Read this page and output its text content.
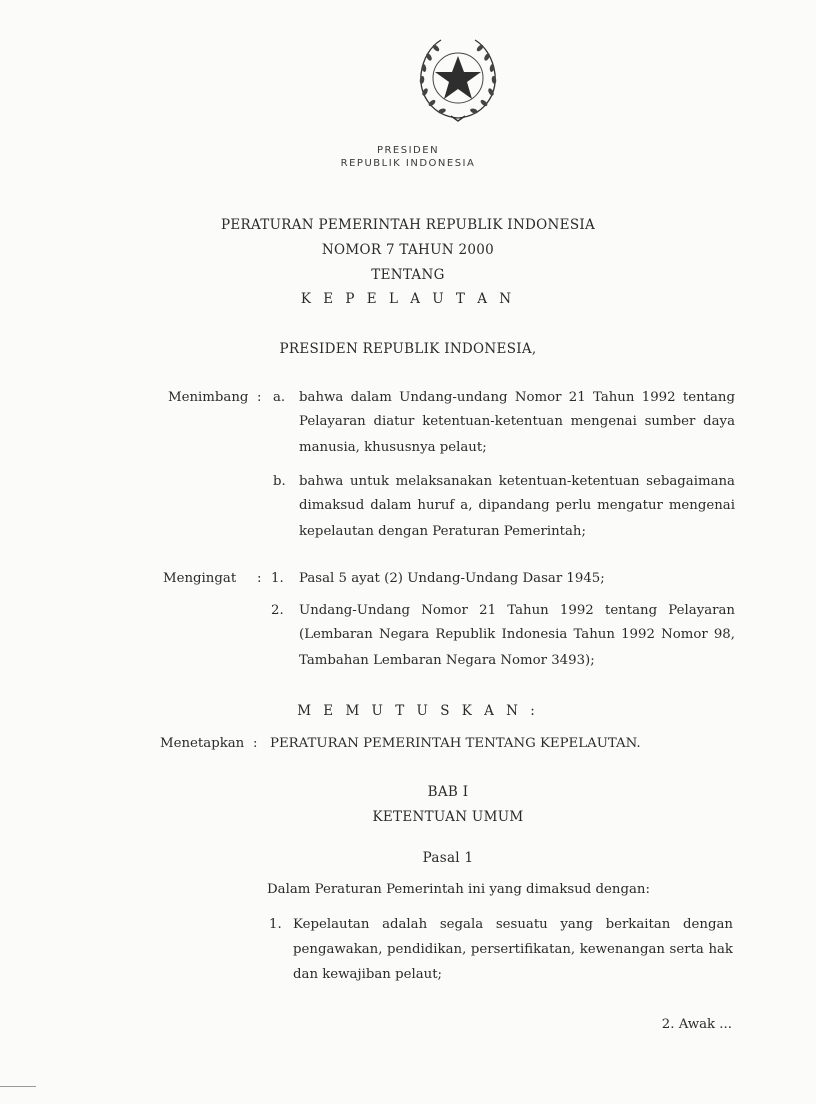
PRESIDEN
REPUBLIK INDONESIA
PERATURAN PEMERINTAH REPUBLIK INDONESIA
NOMOR 7 TAHUN 2000
TENTANG
K E P E L A U T A N
PRESIDEN REPUBLIK INDONESIA,
Menimbang : a. bahwa dalam Undang-undang Nomor 21 Tahun 1992 tentang
Pelayaran diatur ketentuan-ketentuan mengenai sumber daya
manusia, khususnya pelaut;
b. bahwa untuk melaksanakan ketentuan-ketentuan sebagaimana
dimaksud dalam huruf a, dipandang perlu mengatur mengenai
kepelautan dengan Peraturan Pemerintah;
Mengingat : 1. Pasal 5 ayat (2) Undang-Undang Dasar 1945;
2. Undang-Undang Nomor 21 Tahun 1992 tentang Pelayaran
(Lembaran Negara Republik Indonesia Tahun 1992 Nomor 98,
Tambahan Lembaran Negara Nomor 3493);
M E M U T U S K A N :
Menetapkan : PERATURAN PEMERINTAH TENTANG KEPELAUTAN.
BAB I
KETENTUAN UMUM
Pasal 1
Dalam Peraturan Pemerintah ini yang dimaksud dengan:
1. Kepelautan adalah segala sesuatu yang berkaitan dengan
pengawakan, pendidikan, persertifikatan, kewenangan serta hak
dan kewajiban pelaut;
2. Awak ...
